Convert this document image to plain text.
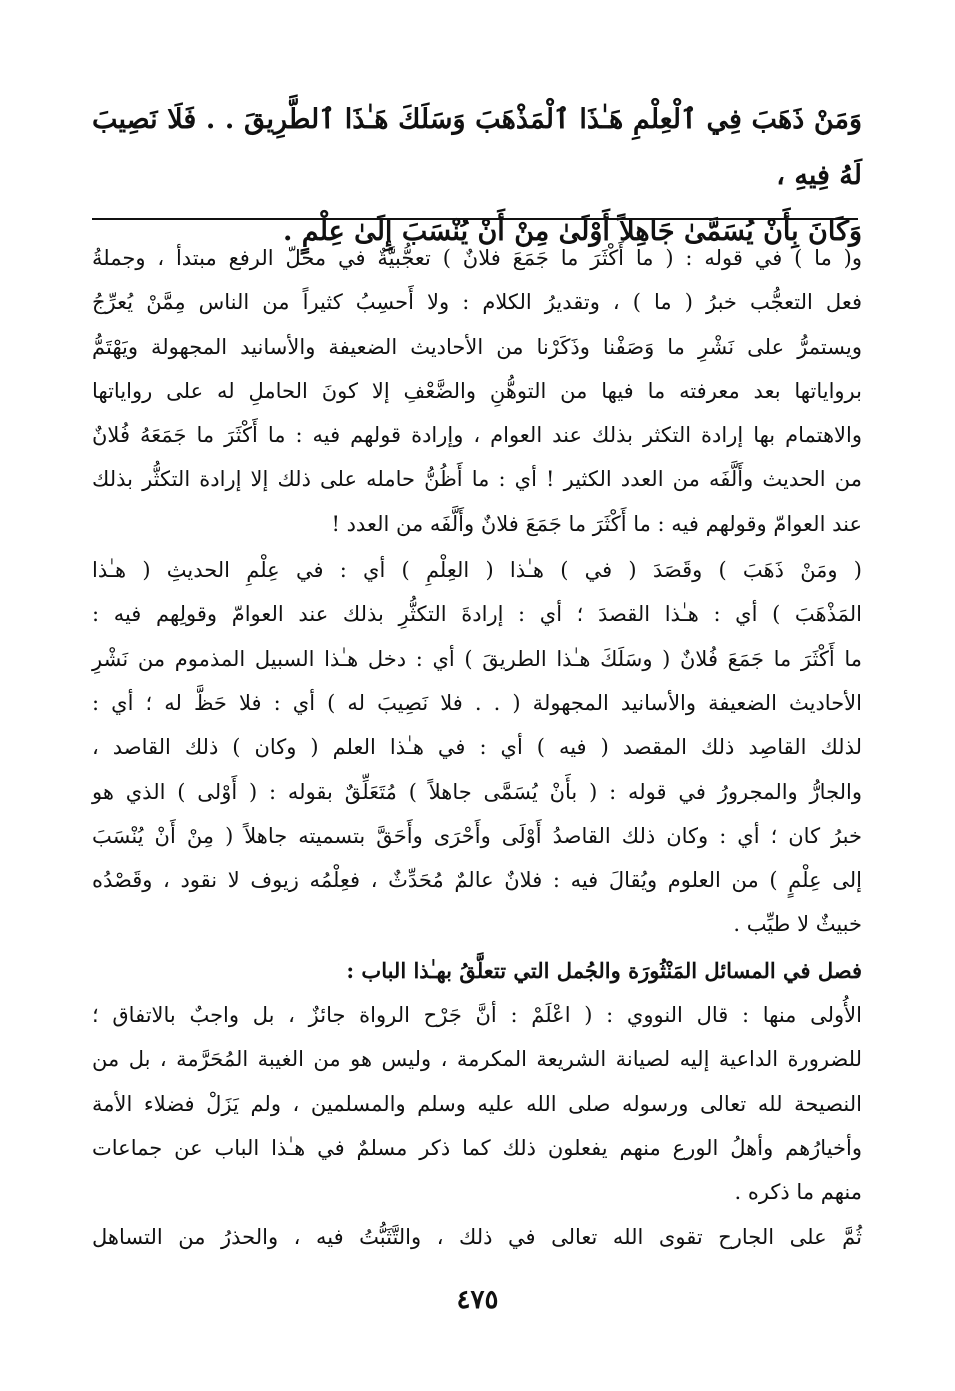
وَمَنْ ذَهَبَ فِي ٱلْعِلْمِ هَـٰذَا ٱلْمَذْهَبَ وَسَلَكَ هَـٰذَا ٱلطَّرِيقَ . . فَلَا نَصِيبَ لَهُ فِيهِ ،
وَكَانَ بِأَنْ يُسَمَّىٰ جَاهِلاً أَوْلَىٰ مِنْ أَنْ يُنْسَبَ إِلَىٰ عِلْمٍ .
و( ما ) في قوله : ( ما أَكْثَرَ ما جَمَعَ فلانٌ ) تعجُّبيَّةٌ في محلّ الرفع مبتدأ ، وجملةُ
فعل التعجُّب خبرُ ( ما ) ، وتقديرُ الكلام : ولا أَحسِبُ كثيراً من الناس مِمَّنْ يُعرِّجُ
ويستمرُّ على نَشْرِ ما وَصَفْنا وذَكَرْنا من الأحاديث الضعيفة والأسانيد المجهولة ويَهْتَمُّ
برواياتها بعد معرفته ما فيها من التوهُّنِ والضَّعْفِ إلا كونَ الحاملِ له على رواياتها
والاهتمام بها إرادة التكثر بذلك عند العوام ، وإرادة قولهم فيه : ما أَكْثَرَ ما جَمَعَهُ فُلانٌ
من الحديث وأَلَّفَه من العدد الكثير ! أي : ما أَظُنُّ حامله على ذلك إلا إرادة التكثُّر بذلك
عند العوامّ وقولهم فيه : ما أَكْثَرَ ما جَمَعَ فلانٌ وأَلَّفَه من العدد !
( ومَنْ ذَهَبَ ) وقَصَدَ ( في ) هـٰذا ( العِلْمِ ) أي : في عِلْمِ الحديثِ ( هـٰذا
المَذْهَبَ ) أي : هـٰذا القصدَ ؛ أي : إرادةَ التكثُّرِ بذلك عند العوامّ وقولِهم فيه :
ما أَكْثَرَ ما جَمَعَ فُلانٌ ( وسَلَكَ هـٰذا الطريقَ ) أي : دخل هـٰذا السبيل المذموم من نَشْرِ
الأحاديث الضعيفة والأسانيد المجهولة ( . . فلا نَصِيبَ له ) أي : فلا حَظَّ له ؛ أي :
لذلك القاصِد ذلك المقصد ( فيه ) أي : في هـٰذا العلم ( وكان ) ذلك القاصد ،
والجارُّ والمجرورُ في قوله : ( بأَنْ يُسَمَّى جاهلاً ) مُتَعَلِّقٌ بقوله : ( أَوْلى ) الذي هو
خبرُ كان ؛ أي : وكان ذلك القاصدُ أَوْلَى وأَحْرَى وأَحَقَّ بتسميته جاهلاً ( مِنْ أَنْ يُنْسَبَ
إلى عِلْمٍ ) من العلوم ويُقالَ فيه : فلانٌ عالمٌ مُحَدِّثٌ ، فعِلْمُه زيوف لا نقود ، وقَصْدُه
خبيثٌ لا طيِّب .
فصل في المسائل المَنْثُورَة والجُمل التي تتعلَّقُ بهـٰذا الباب :
الأُولى منها : قال النووي : ( اعْلَمْ : أنَّ جَرْح الرواة جائزٌ ، بل واجبٌ بالاتفاق ؛
للضرورة الداعية إليه لصيانة الشريعة المكرمة ، وليس هو من الغيبة المُحَرَّمة ، بل من
النصيحة لله تعالى ورسوله صلى الله عليه وسلم والمسلمين ، ولم يَزَلْ فضلاء الأمة
وأخيارُهم وأهلُ الورع منهم يفعلون ذلك كما ذكر مسلمٌ في هـٰذا الباب عن جماعات
منهم ما ذكره .
ثُمَّ على الجارح تقوى الله تعالى في ذلك ، والتَّثَبُّتُ فيه ، والحذرُ من التساهل
٤٧٥
